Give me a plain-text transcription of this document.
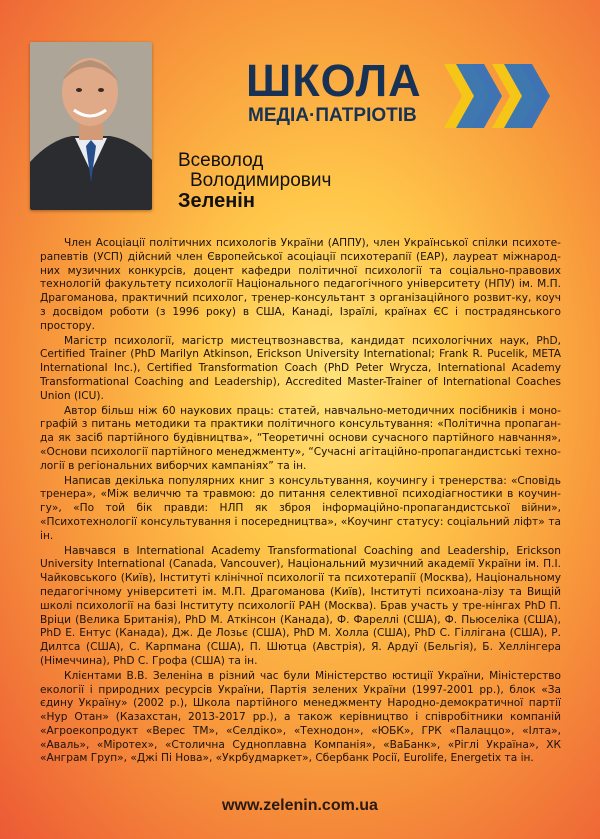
ШКОЛА
МЕДІА·ПАТРІОТІВ
Всеволод
Володимирович
Зеленін

Член Асоціації політичних психологів України (АППУ), член Української спілки психоте-рапевтів (УСП) дійсний член Європейської асоціації психотерапії (ЕАР), лауреат міжнарод-них музичних конкурсів, доцент кафедри політичної психології та соціально-правових технологій факультету психології Національного педагогічного університету (НПУ) ім. М.П. Драгоманова, практичний психолог, тренер-консультант з організаційного розвит-ку, коуч з досвідом роботи (з 1996 року) в США, Канаді, Ізраїлі, країнах ЄС і пострадянського простору.

Магістр психології, магістр мистецтвознавства, кандидат психологічних наук, PhD, Certified Trainer (PhD Marilyn Atkinson, Erickson University International; Frank R. Pucelik, META International Inc.), Certified Transformation Coach (PhD Peter Wrycza, International Academy Transformational Coaching and Leadership), Accredited Master-Trainer of International Coaches Union (ICU).

Автор більш ніж 60 наукових праць: статей, навчально-методичних посібників і моно-графій з питань методики та практики політичного консультування: «Політична пропаган-да як засіб партійного будівництва», “Теоретичні основи сучасного партійного навчання», «Основи психології партійного менеджменту», “Сучасні агітаційно-пропагандистські техно-логії в регіональних виборчих кампаніях” та ін.

Написав декілька популярних книг з консультування, коучингу і тренерства: «Сповідь тренера», «Між величчю та травмою: до питання селективної психодіагностики в коучин-гу», «По той бік правди: НЛП як зброя інформаційно-пропагандистської війни», «Психотехнології консультування і посередництва», «Коучинг статусу: соціальний ліфт» та ін.

Навчався в International Academy Transformational Coaching and Leadership, Erickson University International (Canada, Vancouver), Національний музичний академії України ім. П.І. Чайковського (Київ), Інституті клінічної психології та психотерапії (Москва), Національному педагогічному університеті ім. М.П. Драгоманова (Київ), Інституті психоана-лізу та Вищій школі психології на базі Інституту психології РАН (Москва). Брав участь у тре-нінгах PhD П. Вріци (Велика Британія), PhD M. Аткінсон (Канада), Ф. Фареллі (США), Ф. Пьюселіка (США), PhD Е. Ентус (Канада), Дж. Де Лозьє (США), PhD М. Холла (США), PhD С. Гіллігана (США), Р. Дилтса (США), С. Карпмана (США), П. Шютца (Австрія), Я. Ардуї (Бельгія), Б. Хеллінгера (Німеччина), PhD С. Грофа (США) та ін.

Клієнтами В.В. Зеленіна в різний час були Міністерство юстиції України, Міністерство екології і природних ресурсів України, Партія зелених України (1997-2001 рр.), блок «За єдину Україну» (2002 р.), Школа партійного менеджменту Народно-демократичної партії «Нур Отан» (Казахстан, 2013-2017 рр.), а також керівництво і співробітники компаній «Агроекопродукт «Верес ТМ», «Селдіко», «Технодон», «ЮБК», ГРК «Палаццо», «Ілта», «Аваль», «Міротех», «Столична Судноплавна Компанія», «ВаБанк», «Ріглі Україна», ХК «Анграм Груп», «Джі Пі Нова», «Укрбудмаркет», Сбербанк Росії, Eurolife, Energetix та ін.

www.zelenin.com.ua
